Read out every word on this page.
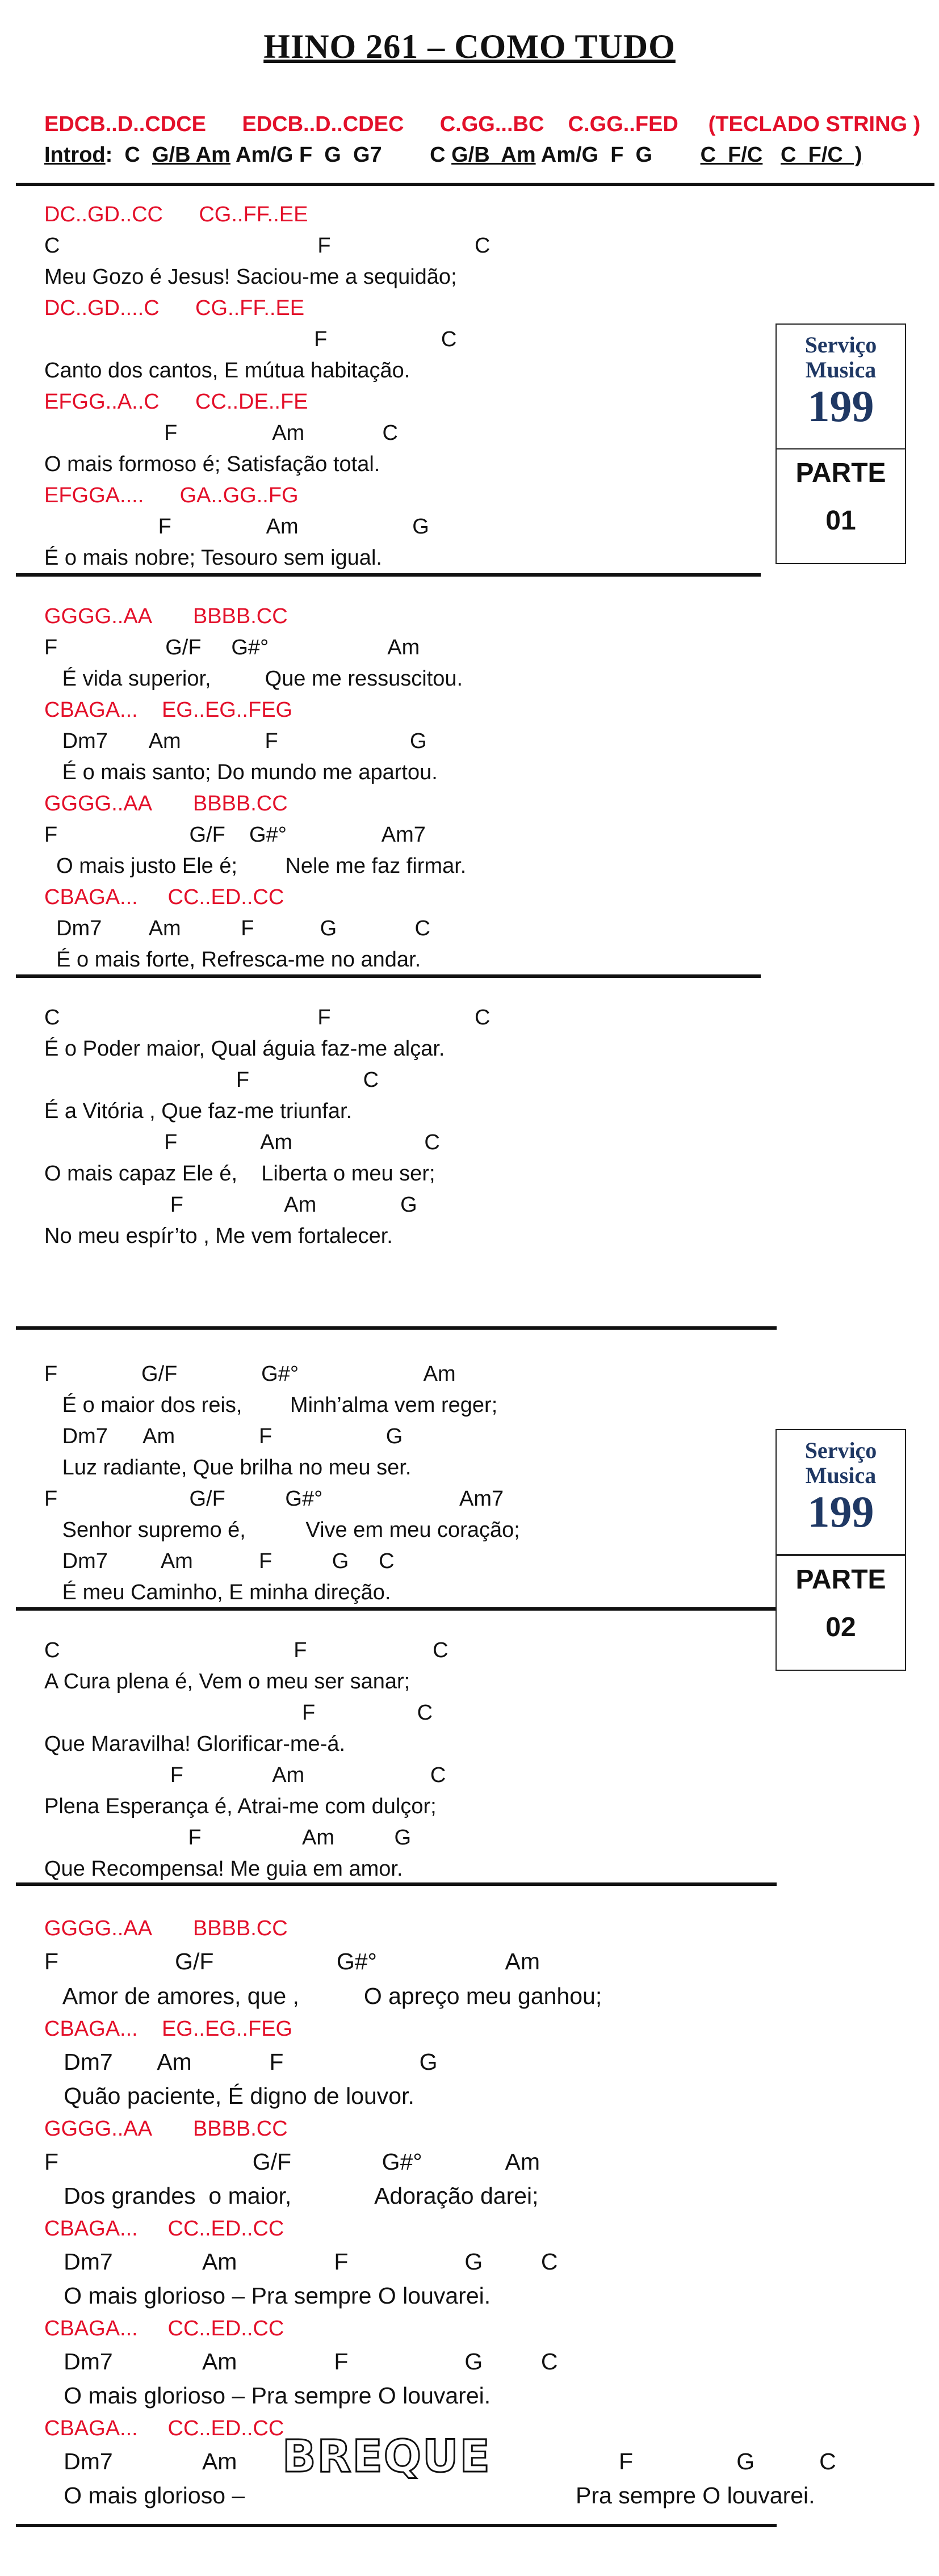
HINO 261 – COMO TUDO
EDCB..D..CDCE      EDCB..D..CDEC      C.GG...BC    C.GG..FED     (TECLADO STRING )
Introd:  C  G/B Am Am/G F  G  G7        C G/B  Am Am/G  F  G        C  F/C C  F/C  )
DC..GD..CC      CG..FF..EE
C                                           F                        C
Meu Gozo é Jesus! Saciou-me a sequidão;
DC..GD....C      CG..FF..EE
F                   C
Canto dos cantos, E mútua habitação.
EFGG..A..C      CC..DE..FE
F                Am             C
O mais formoso é; Satisfação total.
EFGGA....      GA..GG..FG
F                Am                   G
É o mais nobre; Tesouro sem igual.
Serviço
Musica
199
PARTE
01
GGGG..AA       BBBB.CC
F                  G/F     G#°                    Am
É vida superior,         Que me ressuscitou.
CBAGA...    EG..EG..FEG
Dm7       Am              F                      G
É o mais santo; Do mundo me apartou.
GGGG..AA       BBBB.CC
F                      G/F    G#°                Am7
O mais justo Ele é;        Nele me faz firmar.
CBAGA...     CC..ED..CC
Dm7        Am          F           G             C
É o mais forte, Refresca-me no andar.
C                                           F                        C
É o Poder maior, Qual águia faz-me alçar.
F                   C
É a Vitória , Que faz-me triunfar.
F              Am                      C
O mais capaz Ele é,    Liberta o meu ser;
F                 Am              G
No meu espír’to , Me vem fortalecer.
F              G/F              G#°                     Am
É o maior dos reis,        Minh’alma vem reger;
Dm7      Am              F                   G
Luz radiante, Que brilha no meu ser.
F                      G/F          G#°                       Am7
Senhor supremo é,          Vive em meu coração;
Dm7         Am           F          G     C
É meu Caminho, E minha direção.
Serviço
Musica
199
PARTE
02
C                                       F                     C
A Cura plena é, Vem o meu ser sanar;
F                 C
Que Maravilha! Glorificar-me-á.
F               Am                     C
Plena Esperança é, Atrai-me com dulçor;
F                 Am          G
Que Recompensa! Me guia em amor.
GGGG..AA       BBBB.CC
F                  G/F                   G#°                    Am
Amor de amores, que ,          O apreço meu ganhou;
CBAGA...    EG..EG..FEG
Dm7       Am            F                     G
Quão paciente, É digno de louvor.
GGGG..AA       BBBB.CC
F                              G/F              G#°             Am
Dos grandes  o maior,             Adoração darei;
CBAGA...     CC..ED..CC
Dm7              Am               F                  G         C
O mais glorioso – Pra sempre O louvarei.
CBAGA...     CC..ED..CC
Dm7              Am               F                  G         C
O mais glorioso – Pra sempre O louvarei.
CBAGA...     CC..ED..CC
Dm7              Am
O mais glorioso –
BREQUE	F                G          C
Pra sempre O louvarei.
